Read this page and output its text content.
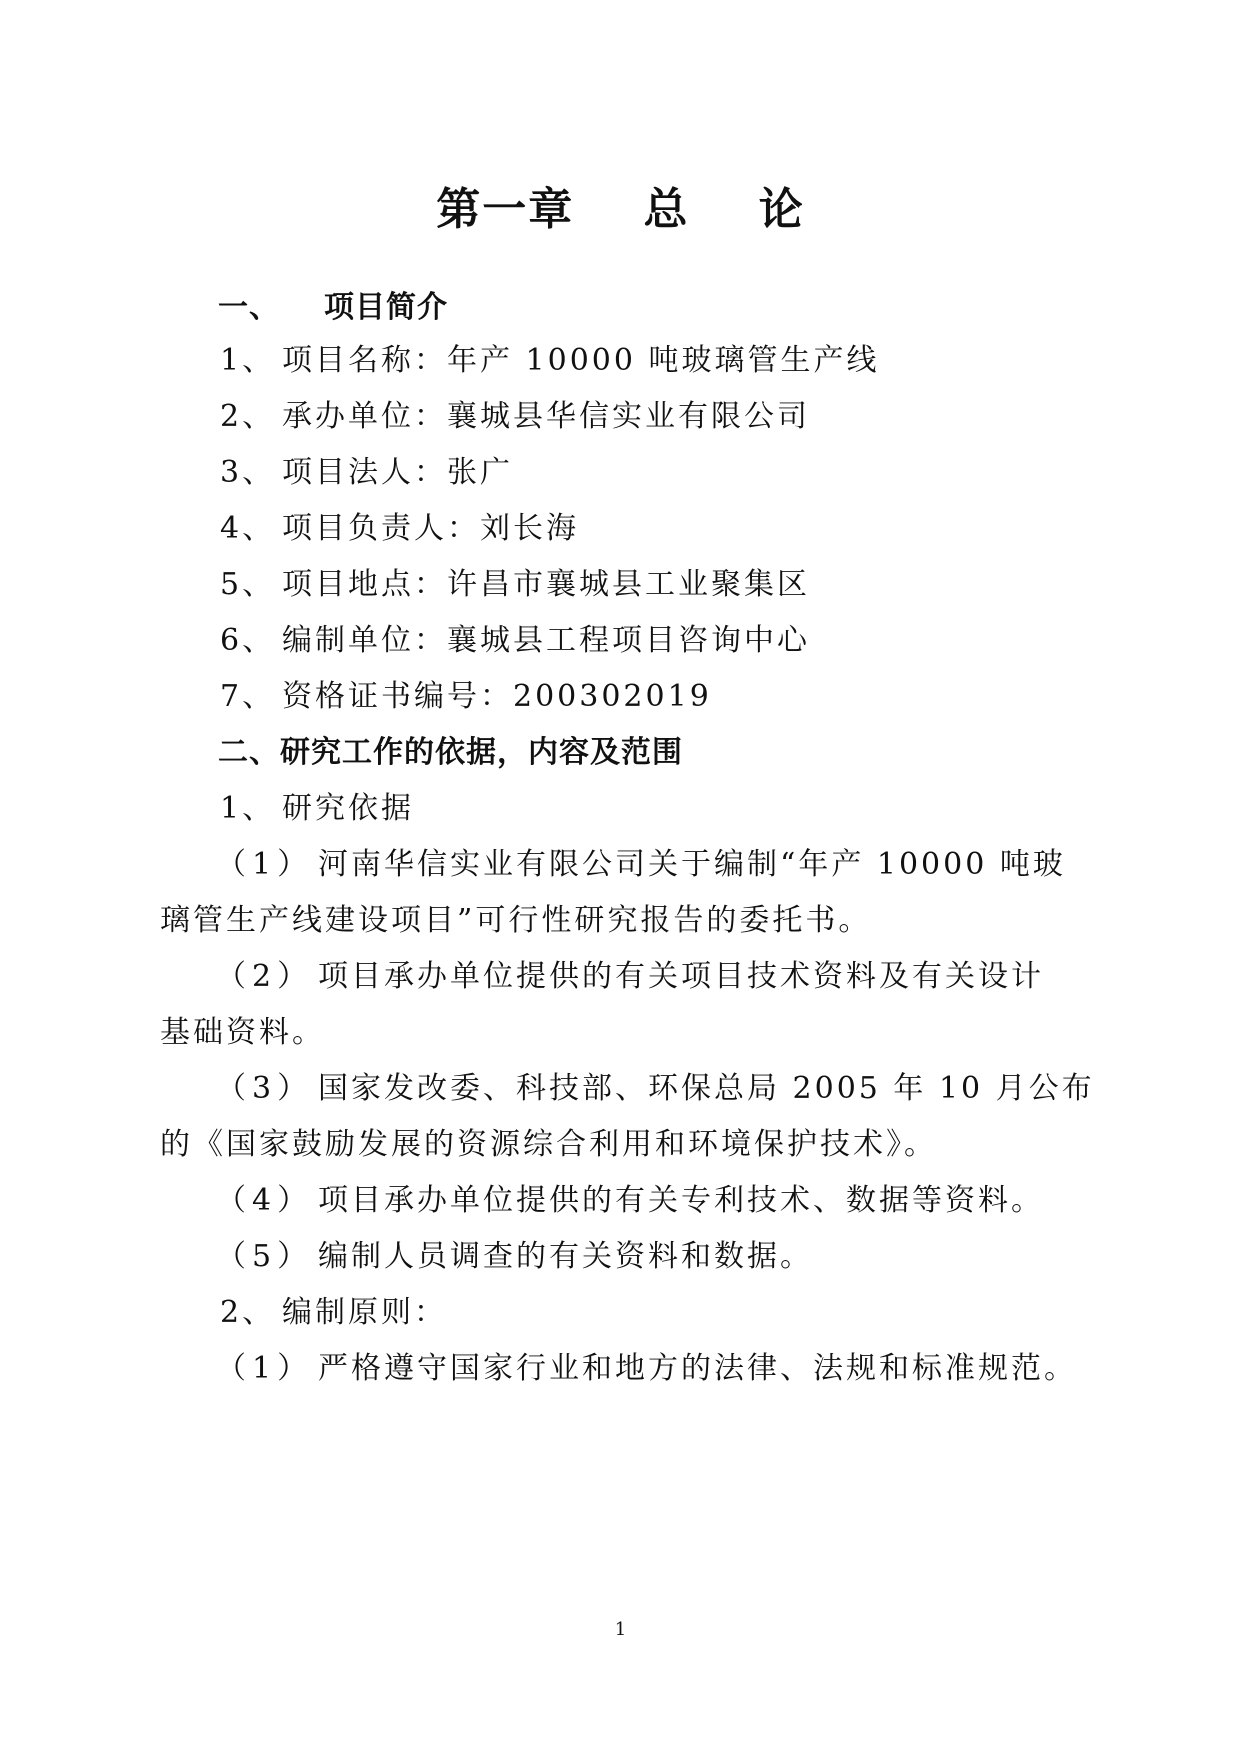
第一章    总    论
一、 项目简介
1、 项目名称：年产 10000 吨玻璃管生产线
2、 承办单位：襄城县华信实业有限公司
3、 项目法人：张广
4、 项目负责人：刘长海
5、 项目地点：许昌市襄城县工业聚集区
6、 编制单位：襄城县工程项目咨询中心
7、 资格证书编号：200302019
二、研究工作的依据，内容及范围
1、 研究依据
（1） 河南华信实业有限公司关于编制“年产 10000 吨玻
璃管生产线建设项目”可行性研究报告的委托书。
（2） 项目承办单位提供的有关项目技术资料及有关设计
基础资料。
（3） 国家发改委、科技部、环保总局 2005 年 10 月公布
的《国家鼓励发展的资源综合利用和环境保护技术》。
（4） 项目承办单位提供的有关专利技术、数据等资料。
（5） 编制人员调查的有关资料和数据。
2、 编制原则：
（1） 严格遵守国家行业和地方的法律、法规和标准规范。
1
